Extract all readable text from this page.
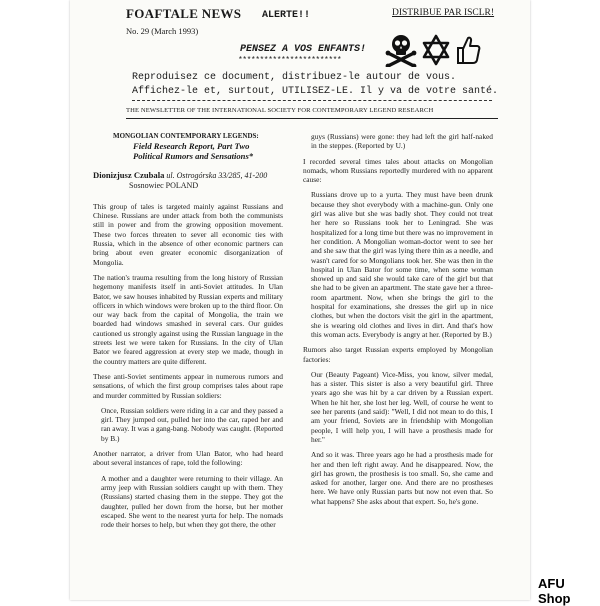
FOAFTALE NEWS
No. 29 (March 1993)
ALERTE!!	DISTRIBUE PAR ISCLR!
PENSEZ A VOS ENFANTS!
************************
Reproduisez ce document, distribuez-le autour de vous.
Affichez-le et, surtout, UTILISEZ-LE. Il y va de votre santé.
THE NEWSLETTER OF THE INTERNATIONAL SOCIETY FOR CONTEMPORARY LEGEND RESEARCH
MONGOLIAN CONTEMPORARY LEGENDS:
Field Research Report, Part Two
Political Rumors and Sensations*
Dionizjusz Czubala ul. Ostrogórska 33/285, 41-200
Sosnowiec POLAND

This group of tales is targeted mainly against Russians and Chinese. Russians are under attack from both the communists still in power and from the growing opposition movement. These two forces threaten to sever all economic ties with Russia, which in the absence of other economic partners can bring about even greater economic disorganization of Mongolia.

The nation's trauma resulting from the long history of Russian hegemony manifests itself in anti-Soviet attitudes. In Ulan Bator, we saw houses inhabited by Russian experts and military officers in which windows were broken up to the third floor. On our way back from the capital of Mongolia, the train we boarded had windows smashed in several cars. Our guides cautioned us strongly against using the Russian language in the streets lest we were taken for Russians. In the city of Ulan Bator we feared aggression at every step we made, though in the country matters are quite different.

These anti-Soviet sentiments appear in numerous rumors and sensations, of which the first group comprises tales about rape and murder committed by Russian soldiers:

Once, Russian soldiers were riding in a car and they passed a girl. They jumped out, pulled her into the car, raped her and ran away. It was a gang-bang. Nobody was caught. (Reported by B.)

Another narrator, a driver from Ulan Bator, who had heard about several instances of rape, told the following:

A mother and a daughter were returning to their village. An army jeep with Russian soldiers caught up with them. They (Russians) started chasing them in the steppe. They got the daughter, pulled her down from the horse, but her mother escaped. She went to the nearest yurta for help. The nomads rode their horses to help, but when they got there, the other

guys (Russians) were gone: they had left the girl half-naked in the steppes. (Reported by U.)

I recorded several times tales about attacks on Mongolian nomads, whom Russians reportedly murdered with no apparent cause:

Russians drove up to a yurta. They must have been drunk because they shot everybody with a machine-gun. Only one girl was alive but she was badly shot. They could not treat her here so Russians took her to Leningrad. She was hospitalized for a long time but there was no improvement in her condition. A Mongolian woman-doctor went to see her and she saw that the girl was lying there thin as a needle, and wasn't cared for so Mongolians took her. She was then in the hospital in Ulan Bator for some time, when some woman showed up and said she would take care of the girl but that she had to be given an apartment. The state gave her a three-room apartment. Now, when she brings the girl to the hospital for examinations, she dresses the girl up in nice clothes, but when the doctors visit the girl in the apartment, she is wearing old clothes and lives in dirt. And that's how this woman acts. Everybody is angry at her. (Reported by B.)

Rumors also target Russian experts employed by Mongolian factories:

Our (Beauty Pageant) Vice-Miss, you know, silver medal, has a sister. This sister is also a very beautiful girl. Three years ago she was hit by a car driven by a Russian expert. When he hit her, she lost her leg. Well, of course he went to see her parents (and said): "Well, I did not mean to do this, I am your friend, Soviets are in friendship with Mongolian people, I will help you, I will have a prosthesis made for her."

And so it was. Three years ago he had a prosthesis made for her and then left right away. And he disappeared. Now, the girl has grown, the prosthesis is too small. So, she came and asked for another, larger one. And there are no prostheses here. We have only Russian parts but now not even that. So what happens? She asks about that expert. So, he's gone.

AFU Shop
